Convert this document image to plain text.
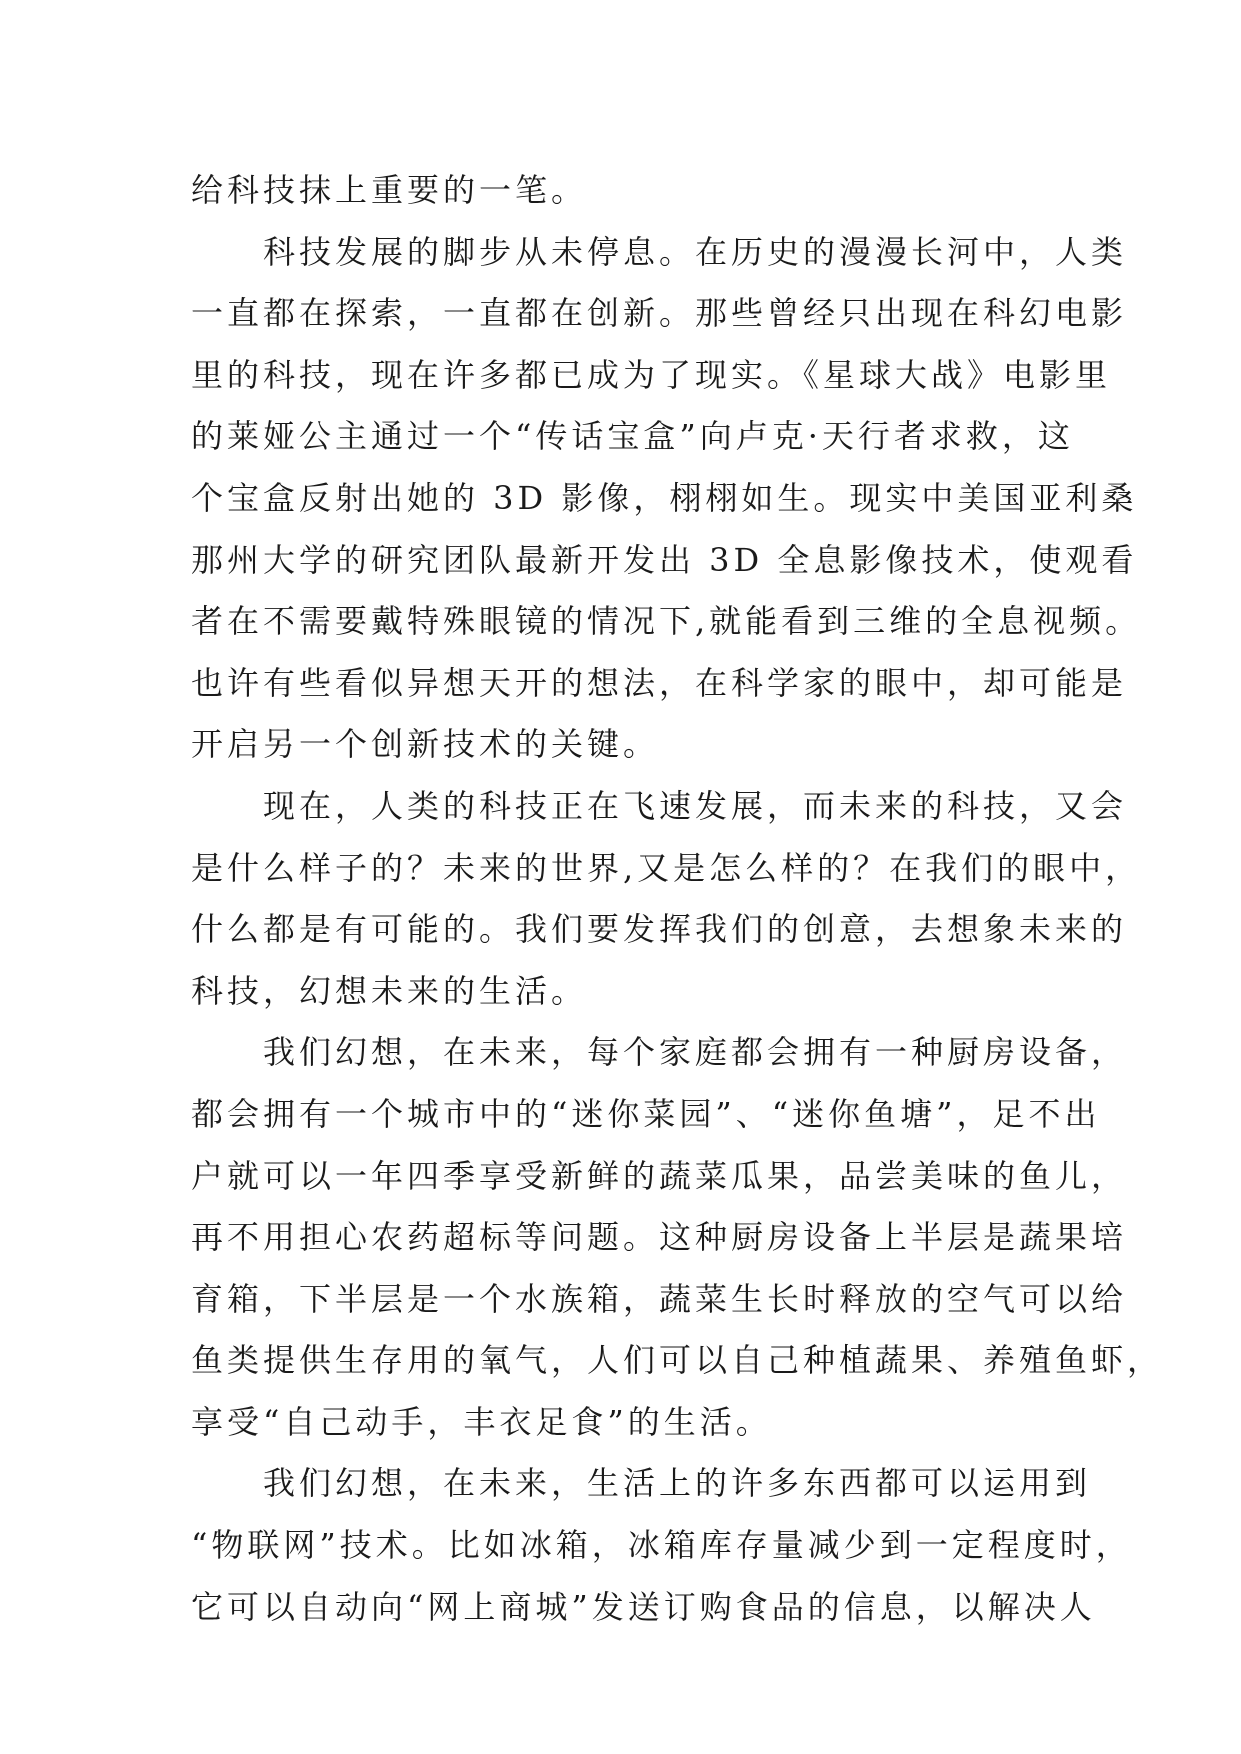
给科技抹上重要的一笔。
　　科技发展的脚步从未停息。在历史的漫漫长河中，人类
一直都在探索，一直都在创新。那些曾经只出现在科幻电影
里的科技，现在许多都已成为了现实。《星球大战》电影里
的莱娅公主通过一个“传话宝盒”向卢克·天行者求救，这
个宝盒反射出她的 3D 影像，栩栩如生。现实中美国亚利桑
那州大学的研究团队最新开发出 3D 全息影像技术，使观看
者在不需要戴特殊眼镜的情况下,就能看到三维的全息视频。
也许有些看似异想天开的想法，在科学家的眼中，却可能是
开启另一个创新技术的关键。
　　现在，人类的科技正在飞速发展，而未来的科技，又会
是什么样子的？未来的世界,又是怎么样的？在我们的眼中，
什么都是有可能的。我们要发挥我们的创意，去想象未来的
科技，幻想未来的生活。
　　我们幻想，在未来，每个家庭都会拥有一种厨房设备，
都会拥有一个城市中的“迷你菜园”、“迷你鱼塘”，足不出
户就可以一年四季享受新鲜的蔬菜瓜果，品尝美味的鱼儿，
再不用担心农药超标等问题。这种厨房设备上半层是蔬果培
育箱，下半层是一个水族箱，蔬菜生长时释放的空气可以给
鱼类提供生存用的氧气，人们可以自己种植蔬果、养殖鱼虾，
享受“自己动手，丰衣足食”的生活。
　　我们幻想，在未来，生活上的许多东西都可以运用到
“物联网”技术。比如冰箱，冰箱库存量减少到一定程度时，
它可以自动向“网上商城”发送订购食品的信息，以解决人
